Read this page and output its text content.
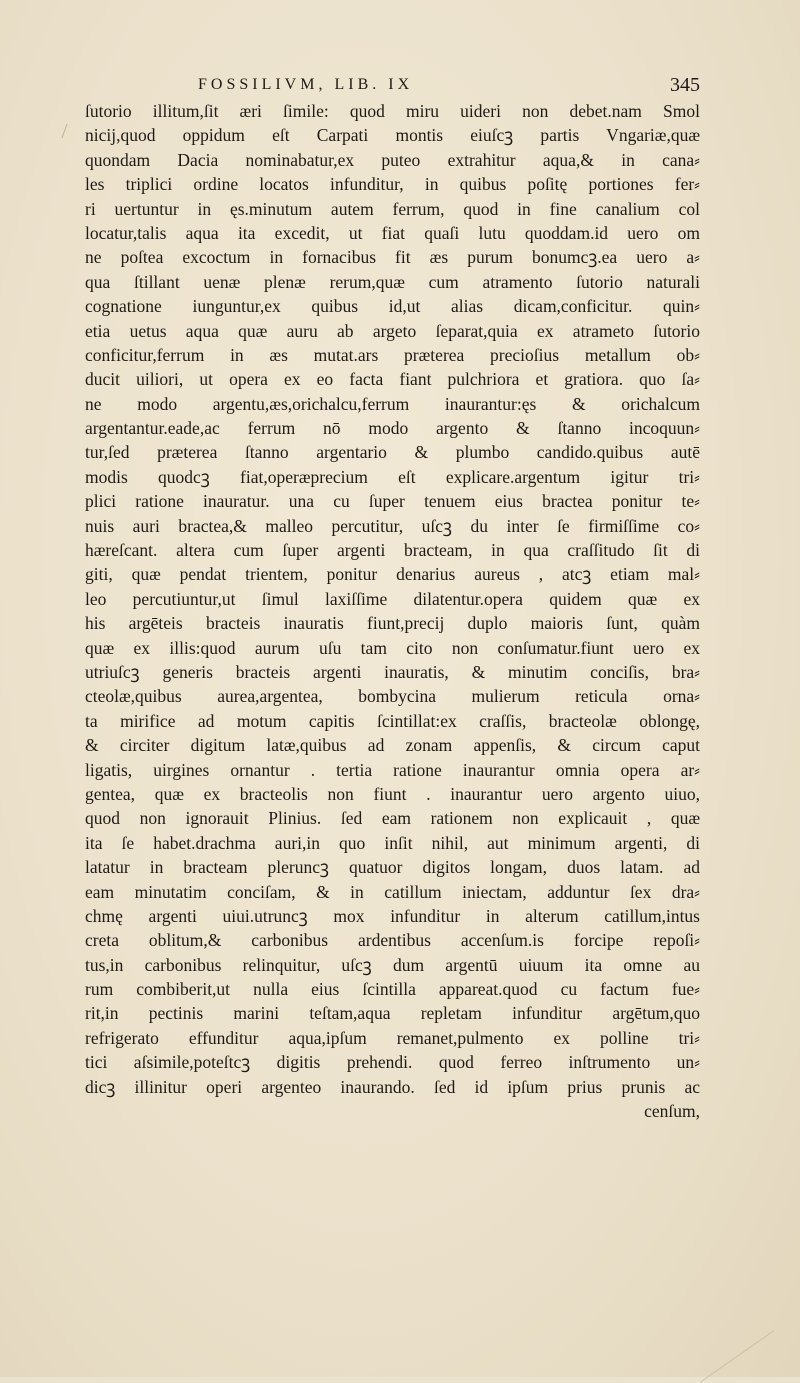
FOSSILIVM, LIB. IX	345
ſutorio illitum,ſit æri ſimile: quod miru uideri non debet.nam Smol
nicij,quod oppidum eſt Carpati montis eiuſcꝫ partis Vngariæ,quæ
quondam Dacia nominabatur,ex puteo extrahitur aqua,& in cana⸗
les triplici ordine locatos infunditur, in quibus poſitę portiones fer⸗
ri uertuntur in ęs.minutum autem ferrum, quod in fine canalium col
locatur,talis aqua ita excedit, ut fiat quaſi lutu quoddam.id uero om
ne poſtea excoctum in fornacibus fit æs purum bonumcꝫ.ea uero a⸗
qua ſtillant uenæ plenæ rerum,quæ cum atramento ſutorio naturali
cognatione iunguntur,ex quibus id,ut alias dicam,conficitur. quin⸗
etia uetus aqua quæ auru ab argeto ſeparat,quia ex atrameto ſutorio
conficitur,ferrum in æs mutat.ars præterea precioſius metallum ob⸗
ducit uiliori, ut opera ex eo facta fiant pulchriora et gratiora. quo ſa⸗
ne modo argentu,æs,orichalcu,ferrum inaurantur:ęs & orichalcum
argentantur.eade,ac ferrum nō modo argento & ſtanno incoquun⸗
tur,ſed præterea ſtanno argentario & plumbo candido.quibus autē
modis quodcꝫ fiat,operæprecium eſt explicare.argentum igitur tri⸗
plici ratione inauratur. una cu ſuper tenuem eius bractea ponitur te⸗
nuis auri bractea,& malleo percutitur, uſcꝫ du inter ſe firmiſſime co⸗
hæreſcant. altera cum ſuper argenti bracteam, in qua craſſitudo ſit di
giti, quæ pendat trientem, ponitur denarius aureus , atcꝫ etiam mal⸗
leo percutiuntur,ut ſimul laxiſſime dilatentur.opera quidem quæ ex
his argēteis bracteis inauratis fiunt,precij duplo maioris ſunt, quàm
quæ ex illis:quod aurum uſu tam cito non conſumatur.fiunt uero ex
utriuſcꝫ generis bracteis argenti inauratis, & minutim conciſis, bra⸗
cteolæ,quibus aurea,argentea, bombycina mulierum reticula orna⸗
ta mirifice ad motum capitis ſcintillat:ex craſſis, bracteolæ oblongę,
& circiter digitum latæ,quibus ad zonam appenſis, & circum caput
ligatis, uirgines ornantur . tertia ratione inaurantur omnia opera ar⸗
gentea, quæ ex bracteolis non fiunt . inaurantur uero argento uiuo,
quod non ignorauit Plinius. ſed eam rationem non explicauit , quæ
ita ſe habet.drachma auri,in quo inſit nihil, aut minimum argenti, di
latatur in bracteam pleruncꝫ quatuor digitos longam, duos latam. ad
eam minutatim conciſam, & in catillum iniectam, adduntur ſex dra⸗
chmę argenti uiui.utruncꝫ mox infunditur in alterum catillum,intus
creta oblitum,& carbonibus ardentibus accenſum.is forcipe repoſi⸗
tus,in carbonibus relinquitur, uſcꝫ dum argentū uiuum ita omne au
rum combiberit,ut nulla eius ſcintilla appareat.quod cu factum fue⸗
rit,in pectinis marini teſtam,aqua repletam infunditur argētum,quo
refrigerato effunditur aqua,ipſum remanet,pulmento ex polline tri⸗
tici aſsimile,poteſtcꝫ digitis prehendi. quod ferreo inſtrumento un⸗
dicꝫ illinitur operi argenteo inaurando. ſed id ipſum prius prunis ac
cenſum,
